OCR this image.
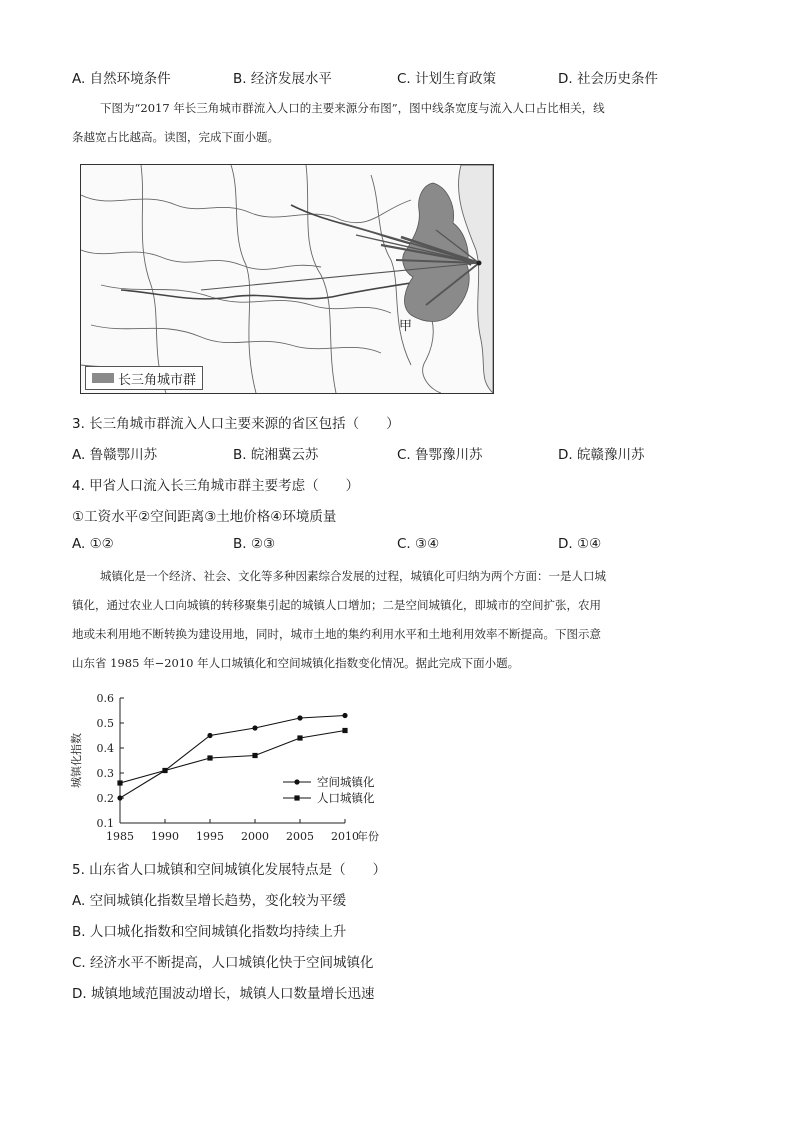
A. 自然环境条件	B. 经济发展水平	C. 计划生育政策	D. 社会历史条件

下图为“2017 年长三角城市群流入人口的主要来源分布图”，图中线条宽度与流入人口占比相关，线

条越宽占比越高。读图，完成下面小题。

甲
长三角城市群
3. 长三角城市群流入人口主要来源的省区包括（　　）
A. 鲁赣鄂川苏	B. 皖湘冀云苏	C. 鲁鄂豫川苏	D. 皖赣豫川苏
4. 甲省人口流入长三角城市群主要考虑（　　）
①工资水平②空间距离③土地价格④环境质量
A. ①②	B. ②③	C. ③④	D. ①④

城镇化是一个经济、社会、文化等多种因素综合发展的过程，城镇化可归纳为两个方面：一是人口城

镇化，通过农业人口向城镇的转移聚集引起的城镇人口增加；二是空间城镇化，即城市的空间扩张，农用

地或未利用地不断转换为建设用地，同时，城市土地的集约利用水平和土地利用效率不断提高。下图示意

山东省 1985 年−2010 年人口城镇化和空间城镇化指数变化情况。据此完成下面小题。

0.1
0.2
0.3
0.4
0.5
0.6
1985 1990 1995 2000 2005 2010
年份
城镇化指数	空间城镇化
人口城镇化
5. 山东省人口城镇和空间城镇化发展特点是（　　）
A. 空间城镇化指数呈增长趋势，变化较为平缓
B. 人口城化指数和空间城镇化指数均持续上升
C. 经济水平不断提高，人口城镇化快于空间城镇化
D. 城镇地域范围波动增长，城镇人口数量增长迅速
